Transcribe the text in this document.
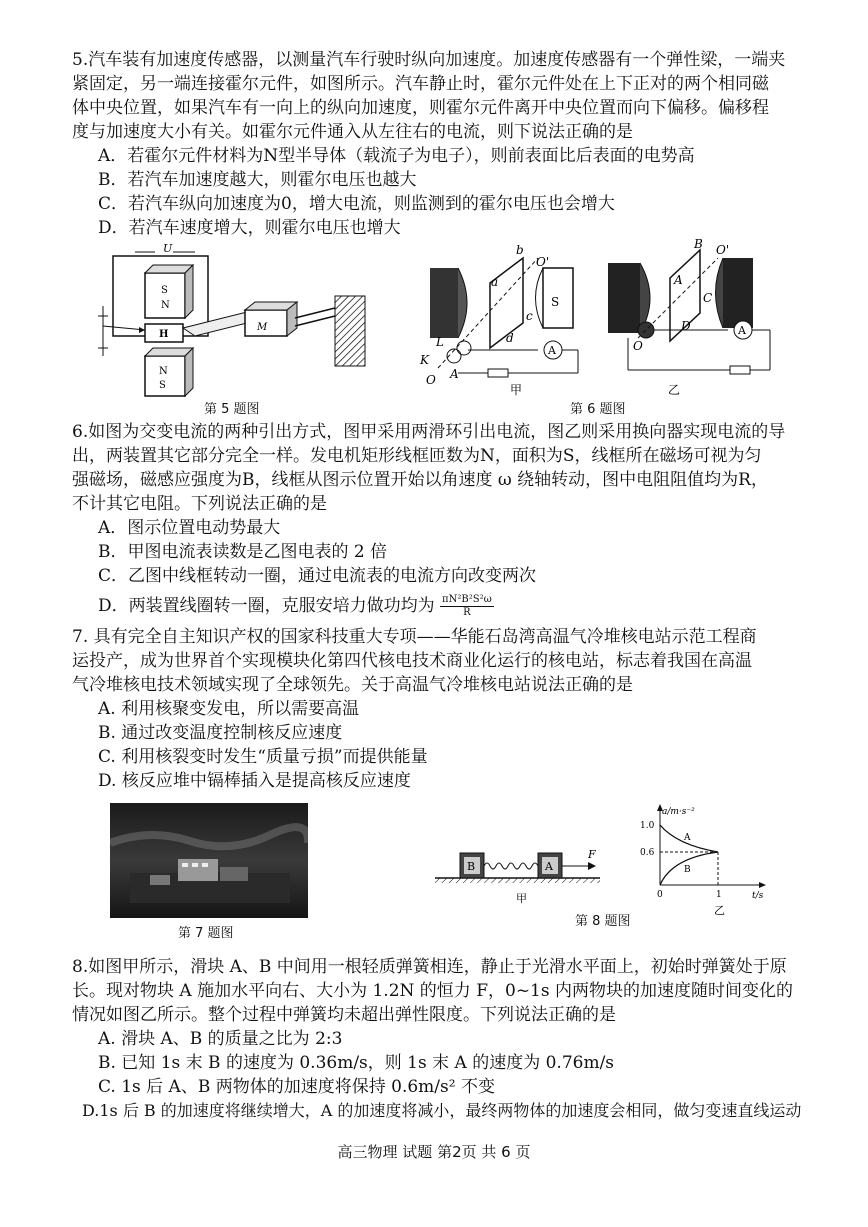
5.汽车装有加速度传感器，以测量汽车行驶时纵向加速度。加速度传感器有一个弹性梁，一端夹

紧固定，另一端连接霍尔元件，如图所示。汽车静止时，霍尔元件处在上下正对的两个相同磁

体中央位置，如果汽车有一向上的纵向加速度，则霍尔元件离开中央位置而向下偏移。偏移程

度与加速度大小有关。如霍尔元件通入从左往右的电流，则下说法正确的是

A．若霍尔元件材料为N型半导体（载流子为电子），则前表面比后表面的电势高

B．若汽车加速度越大，则霍尔电压也越大

C．若汽车纵向加速度为0，增大电流，则监测到的霍尔电压也会增大

D．若汽车速度增大，则霍尔电压也增大

U
S
N
H
N
S
M
第 5 题图
S
b
O'
a
c
L
K
O A
d
A
B O'
A
C
D
O
A
甲	乙
第 6 题图

6.如图为交变电流的两种引出方式，图甲采用两滑环引出电流，图乙则采用换向器实现电流的导

出，两装置其它部分完全一样。发电机矩形线框匝数为N，面积为S，线框所在磁场可视为匀

强磁场，磁感应强度为B，线框从图示位置开始以角速度 ω 绕轴转动，图中电阻阻值均为R，

不计其它电阻。下列说法正确的是

A．图示位置电动势最大

B．甲图电流表读数是乙图电表的 2 倍

C．乙图中线框转动一圈，通过电流表的电流方向改变两次

D．两装置线圈转一圈，克服安培力做功均为 $\frac{\text{πN²B²S²ω}}{R}$

7. 具有完全自主知识产权的国家科技重大专项——华能石岛湾高温气冷堆核电站示范工程商

运投产，成为世界首个实现模块化第四代核电技术商业化运行的核电站，标志着我国在高温

气冷堆核电技术领域实现了全球领先。关于高温气冷堆核电站说法正确的是

A. 利用核聚变发电，所以需要高温

B. 通过改变温度控制核反应速度

C. 利用核裂变时发生“质量亏损”而提供能量

D. 核反应堆中镉棒插入是提高核反应速度

第 7 题图
B	A
F
甲
第 8 题图
a/m·s⁻²
t/s
1.0
0.6
0	1
A
B
乙

8.如图甲所示，滑块 A、B 中间用一根轻质弹簧相连，静止于光滑水平面上，初始时弹簧处于原

长。现对物块 A 施加水平向右、大小为 1.2N 的恒力 F，0~1s 内两物块的加速度随时间变化的

情况如图乙所示。整个过程中弹簧均未超出弹性限度。下列说法正确的是

A. 滑块 A、B 的质量之比为 2:3

B. 已知 1s 末 B 的速度为 0.36m/s，则 1s 末 A 的速度为 0.76m/s

C. 1s 后 A、B 两物体的加速度将保持 0.6m/s² 不变

D.1s 后 B 的加速度将继续增大，A 的加速度将减小，最终两物体的加速度会相同，做匀变速直线运动

高三物理 试题 第2页 共 6 页
